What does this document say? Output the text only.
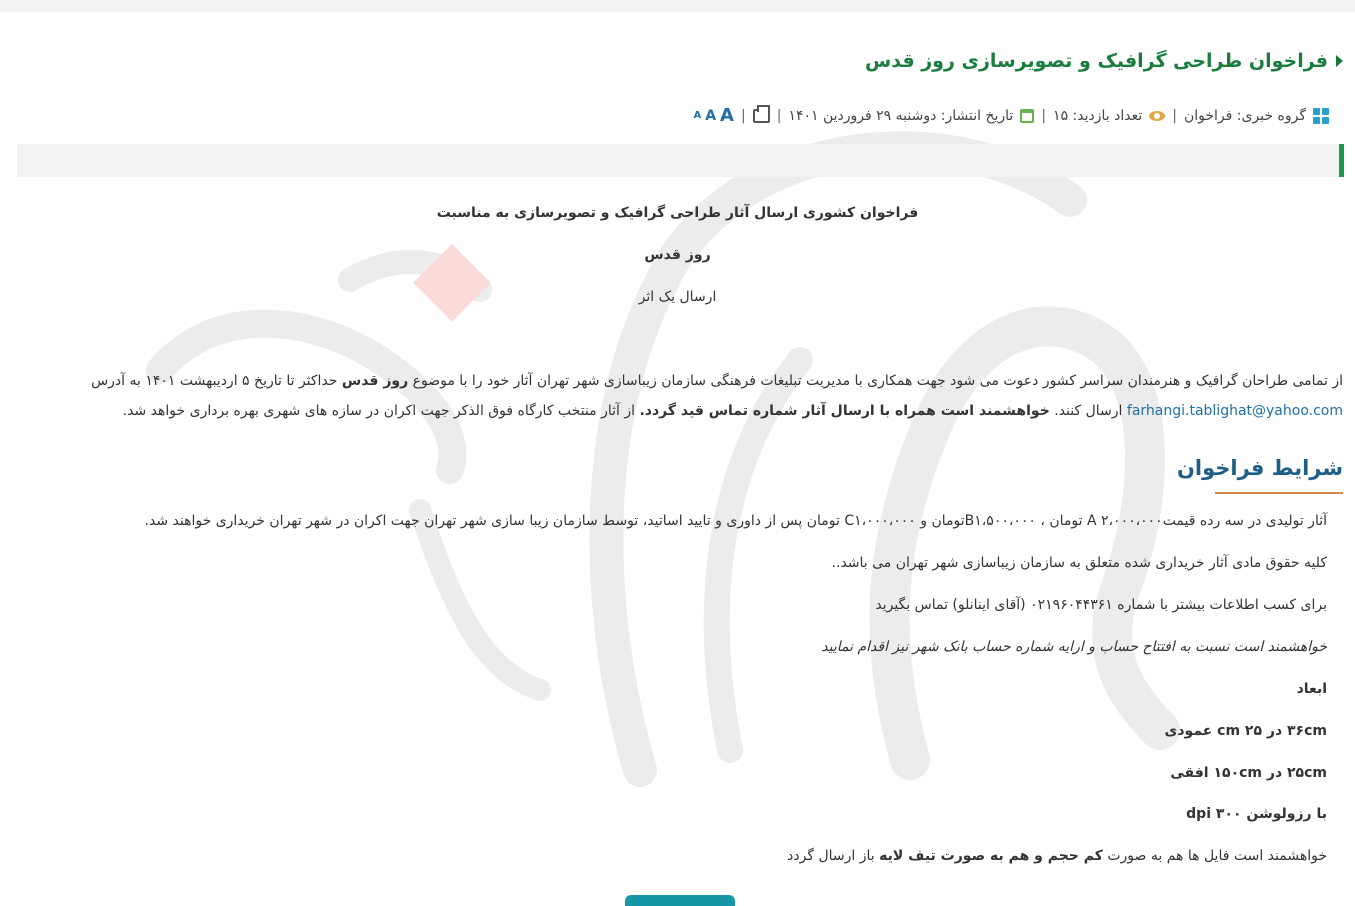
فراخوان طراحی گرافیک و تصویرسازی روز قدس
گروه خبری: فراخوان
|
تعداد بازدید: ۱۵
|
تاریخ انتشار: دوشنبه ۲۹ فروردین ۱۴۰۱
|
|
A
A
A
فراخوان کشوری ارسال آثار طراحی گرافیک و تصویرسازی به مناسبت
روز قدس
ارسال یک اثر
از تمامی طراحان گرافیک و هنرمندان سراسر کشور دعوت می شود جهت همکاری با مدیریت تبلیغات فرهنگی سازمان زیباسازی شهر تهران آثار خود را با موضوع روز قدس حداکثر تا تاریخ ۵ اردیبهشت ۱۴۰۱ به آدرس farhangi.tablighat@yahoo.com ارسال کنند. خواهشمند است همراه با ارسال آثار شماره تماس قید گردد. از آثار منتخب کارگاه فوق الذکر جهت اکران در سازه های شهری بهره برداری خواهد شد.
شرایط فراخوان
آثار تولیدی در سه رده قیمتA ۲،۰۰۰،۰۰۰ تومان ، B۱،۵۰۰،۰۰۰تومان و C۱،۰۰۰،۰۰۰ تومان پس از داوری و تایید اساتید، توسط سازمان زیبا سازی شهر تهران جهت اکران در شهر تهران خریداری خواهند شد.
کلیه حقوق مادی آثار خریداری شده متعلق به سازمان زیباسازی شهر تهران می باشد..
برای کسب اطلاعات بیشتر با شماره ۰۲۱۹۶۰۴۴۳۶۱ (آقای اینانلو) تماس بگیرید
خواهشمند است نسبت به افتتاح حساب و ارایه شماره حساب بانک شهر نیز اقدام نمایید
ابعاد
۳۶cm در ۲۵ cm عمودی
۲۵cm در ۱۵۰cm افقی
با رزولوشن ۳۰۰ dpi
خواهشمند است فایل ها هم به صورت کم حجم و هم به صورت تیف لایه باز ارسال گردد
